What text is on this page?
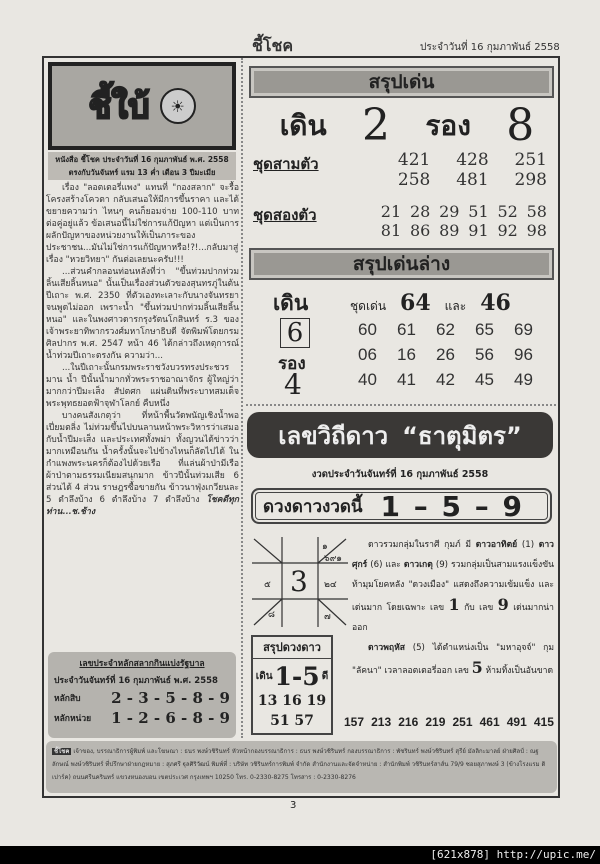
ชี้โชค	ประจำวันที่ 16 กุมภาพันธ์ 2558
ชี้ใบ้	☀
หนังสือ ชี้โชค ประจำวันที่ 16 กุมภาพันธ์ พ.ศ. 2558
ตรงกับวันจันทร์ แรม 13 ค่ำ เดือน 3 ปีมะเมีย

เรื่อง "ลอตเตอรี่แพง" แทนที่ "กองสลาก" จะรื้อโครงสร้างโควตา กลับเสนอให้มีการขึ้นราคา และได้ขยายความว่า ไหนๆ คนก็ยอมจ่าย 100-110 บาทต่อคู่อยู่แล้ว ข้อเสนอนี้ไม่ใช่การแก้ปัญหา แต่เป็นการผลักปัญหาของหน่วยงานให้เป็นภาระของประชาชน...มันไม่ใช่การแก้ปัญหาหรือ!?!...กลับมาสู่เรื่อง "หวยวิทยา" กันต่อเลยนะครับ!!!

...ส่วนคำกลอนท่อนหลังที่ว่า "ขึ้นท่วมปากท่วมลิ้นเสียลิ้นหนอ" นั้นเป็นเรื่องส่วนตัวของสุนทรภู่ในต้นปีเถาะ พ.ศ. 2350 ที่ตัวเองทะเลาะกับนางจันทรยา จนพูดไม่ออก เพราะน้ำ "ขึ้นท่วมปากท่วมลิ้นเสียลิ้นหนอ" และในพงศาวดารกรุงรัตนโกสินทร์ ร.3 ของเจ้าพระยาทิพากรวงศ์มหาโกษาธิบดี จัดพิมพ์โดยกรมศิลปากร พ.ศ. 2547 หน้า 46 ได้กล่าวถึงเหตุการณ์น้ำท่วมปีเถาะตรงกัน ความว่า...

...ในปีเถาะนั้นกรมพระราชวังบวรทรงประชวรมาน น้ำ ปีนั้นน้ำมากทั่วพระราชอาณาจักร ผู้ใหญ่ว่ามากกว่าปีมะเส็ง สัปตศก แผ่นดินที่พระบาทสมเด็จพระพุทธยอดฟ้าจุฬาโลกย์ คืบหนึ่ง

บางคนสังเกตุว่า ที่หน้าพื้นวัดพนัญเชิงน้ำพอเปี่ยมตลิ่ง ไม่ท่วมขึ้นไปบนลานหน้าพระวิหารว่าเสมอกับน้ำปีมะเส็ง และประเทศทั้งพม่า ทั้งญวนได้ข่าวว่ามากเหมือนกัน น้ำครั้งนั้นจะไปข้างไหนก็ลัดไปได้ ในกำแพงพระนครก็ต้องไปด้วยเรือ ที่แล่นผ้าป่ามีเรือผ้าป่าตามธรรมเนียมสนุกมาก ข้าวปีนั้นท่วมเสีย 6 ส่วนได้ 4 ส่วน ราษฎรซื้อขายกัน ข้าวนาฟุ่งเกวียนละ 5 ตำลึงบ้าง 6 ตำลึงบ้าง 7 ตำลึงบ้าง โชคดีทุกท่าน...ช.ช้าง

เลขประจำหลักสลากกินแบ่งรัฐบาล
ประจำวันจันทร์ที่ 16 กุมภาพันธ์ พ.ศ. 2558
หลักสิบ 2 - 3 - 5 - 8 - 9
หลักหน่วย 1 - 2 - 6 - 8 - 9
สรุปเด่น
เดิน 2 รอง 8
ชุดสามตัว	421	428	251
258	481	298
ชุดสองตัว	21 28 29 51 52 58
81 86 89 91 92 98
สรุปเด่นล่าง
เดิน	ชุดเด่น 64 และ 46
6
รอง
4
60	61	62	65	69
06	16	26	56	96
40	41	42	45	49
เลขวิถีดาว “ธาตุมิตร”
งวดประจำวันจันทร์ที่ 16 กุมภาพันธ์ 2558
ดวงดาวงวดนี้ 1 – 5 – 9
๑
๖๙๑
3
๕	๒๔
๘	๗

ดาวรวมกลุ่มในราศี กุมภ์ มี ดาวอาทิตย์ (1) ดาวศุกร์ (6) และ ดาวเกตุ (9) รวมกลุ่มเป็นสามแรงแข็งขัน ท้ามุมโยคหลัง "ดวงเมือง" แสดงถึงความเข้มแข็ง และ เด่นมาก โดยเฉพาะ เลข 1 กับ เลข 9 เด่นมากน่าออก

ดาวพฤหัส (5) ได้ตำแหน่งเป็น "มหาอุจจ์" กุม "ลัคนา" เวลาลอตเตอรี่ออก เลข 5 ห้ามทิ้งเป็นอันขาด

สรุปดวงดาว
เดิน 1-5 ดี
13 16 19
51 57	157 213 216 219 251 461 491 415
ชี้โชค เจ้าของ, บรรณาธิการผู้พิมพ์ และโฆษณา : ธนร พงษ์วชิรินทร์ หัวหน้ากองบรรณาธิการ : ธนร พงษ์วชิรินทร์ กองบรรณาธิการ : พัชรินทร์ พงษ์วชิรินทร์ สุรีย์ มัลลิกะมาลย์ ฝ่ายศิลป์ : ณฐลักษณ์ พงษ์วชิรินทร์ ที่ปรึกษาฝ่ายกฎหมาย : สุภศรี ฐุลศิริวัฒน์ พิมพ์ที่ : บริษัท วชิรินทร์การพิมพ์ จำกัด สำนักงานและจัดจำหน่าย : สำนักพิมพ์ วชิรินทร์สาส์น 79/9 ซอยสุภาพงษ์ 3 (ข้างโรงแรม ดิเปาร์ค) ถนนศรีนครินทร์ แขวงหนองบอน เขตประเวศ กรุงเทพฯ 10250 โทร. 0-2330-8275 โทรสาร : 0-2330-8276
3
[621x878] http://upic.me/
